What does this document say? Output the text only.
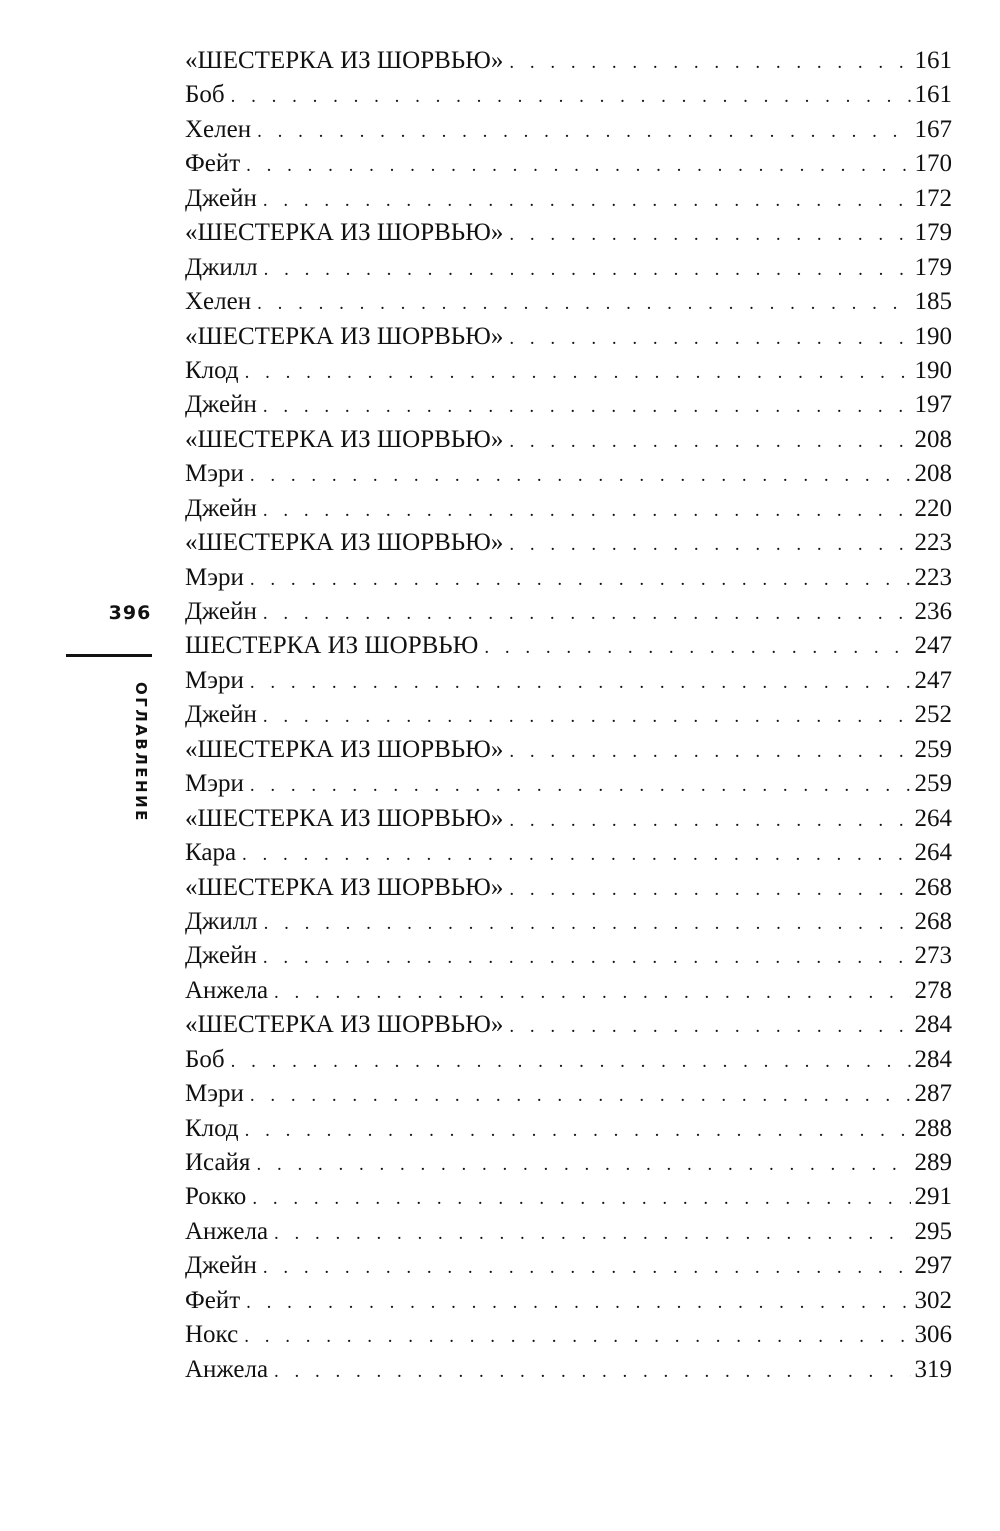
396
ОГЛАВЛЕНИЕ
«ШЕСТЕРКА ИЗ ШОРВЬЮ» . . .	161
Боб . . .	161
Хелен . . .	167
Фейт . . .	170
Джейн . . .	172
«ШЕСТЕРКА ИЗ ШОРВЬЮ» . . .	179
Джилл . . .	179
Хелен . . .	185
«ШЕСТЕРКА ИЗ ШОРВЬЮ» . . .	190
Клод . . .	190
Джейн . . .	197
«ШЕСТЕРКА ИЗ ШОРВЬЮ» . . .	208
Мэри . . .	208
Джейн . . .	220
«ШЕСТЕРКА ИЗ ШОРВЬЮ» . . .	223
Мэри . . .	223
Джейн . . .	236
ШЕСТЕРКА ИЗ ШОРВЬЮ . . .	247
Мэри . . .	247
Джейн . . .	252
«ШЕСТЕРКА ИЗ ШОРВЬЮ» . . .	259
Мэри . . .	259
«ШЕСТЕРКА ИЗ ШОРВЬЮ» . . .	264
Кара . . .	264
«ШЕСТЕРКА ИЗ ШОРВЬЮ» . . .	268
Джилл . . .	268
Джейн . . .	273
Анжела . . .	278
«ШЕСТЕРКА ИЗ ШОРВЬЮ» . . .	284
Боб . . .	284
Мэри . . .	287
Клод . . .	288
Исайя . . .	289
Рокко . . .	291
Анжела . . .	295
Джейн . . .	297
Фейт . . .	302
Нокс . . .	306
Анжела . . .	319
